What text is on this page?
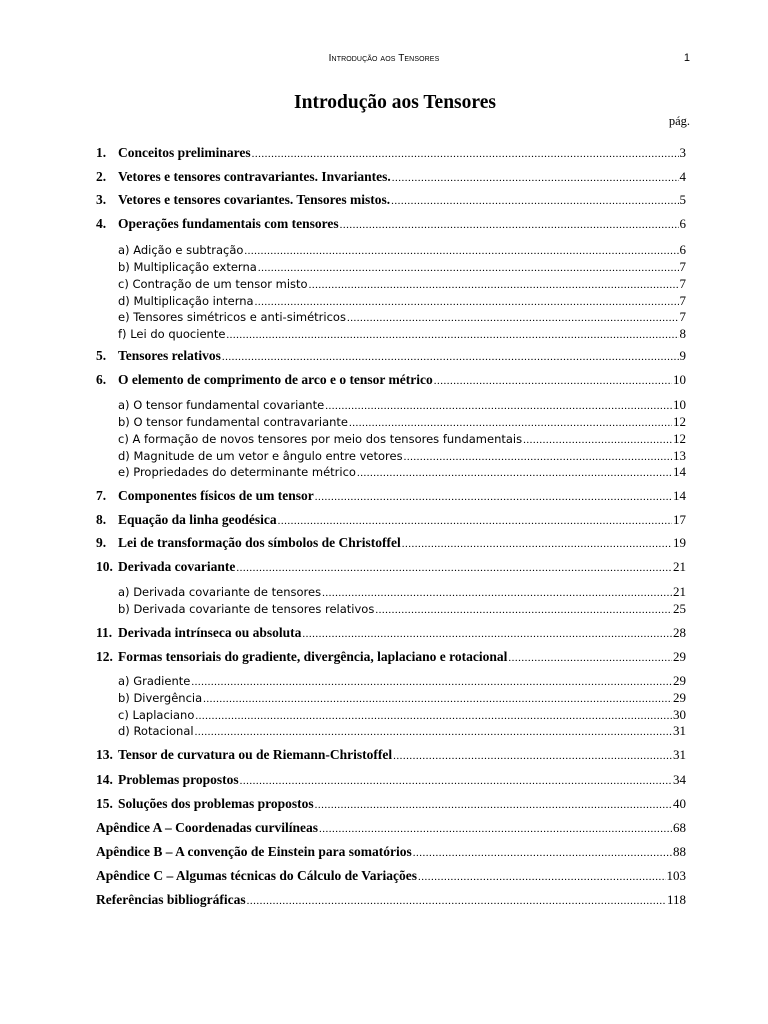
Introdução aos Tensores	1
Introdução aos Tensores
pág.
1. Conceitos preliminares .....	3
2. Vetores e tensores contravariantes. Invariantes. .....	4
3. Vetores e tensores covariantes. Tensores mistos. .....	5
4. Operações fundamentais com tensores .....	6
a) Adição e subtração .....	6
b) Multiplicação externa .....	7
c) Contração de um tensor misto .....	7
d) Multiplicação interna .....	7
e) Tensores simétricos e anti-simétricos .....	7
f) Lei do quociente .....	8
5. Tensores relativos .....	9
6. O elemento de comprimento de arco e o tensor métrico .....	10
a) O tensor fundamental covariante .....	10
b) O tensor fundamental contravariante .....	12
c) A formação de novos tensores por meio dos tensores fundamentais .....	12
d) Magnitude de um vetor e ângulo entre vetores .....	13
e) Propriedades do determinante métrico .....	14
7. Componentes físicos de um tensor .....	14
8. Equação da linha geodésica .....	17
9. Lei de transformação dos símbolos de Christoffel .....	19
10. Derivada covariante .....	21
a) Derivada covariante de tensores .....	21
b) Derivada covariante de tensores relativos .....	25
11. Derivada intrínseca ou absoluta .....	28
12. Formas tensoriais do gradiente, divergência, laplaciano e rotacional .....	29
a) Gradiente .....	29
b) Divergência .....	29
c) Laplaciano .....	30
d) Rotacional .....	31
13. Tensor de curvatura ou de Riemann-Christoffel .....	31
14. Problemas propostos .....	34
15. Soluções dos problemas propostos .....	40
Apêndice A – Coordenadas curvilíneas .....	68
Apêndice B – A convenção de Einstein para somatórios .....	88
Apêndice C – Algumas técnicas do Cálculo de Variações .....	103
Referências bibliográficas .....	118
